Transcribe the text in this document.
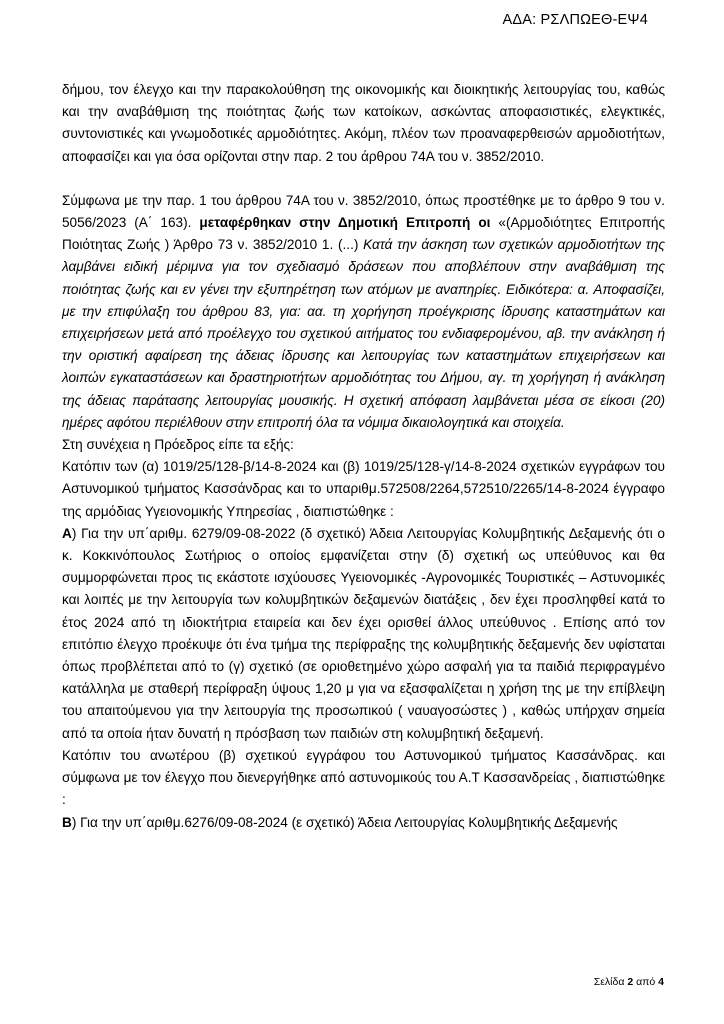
ΑΔΑ: ΡΣΛΠΩΕΘ-ΕΨ4

δήμου, τον έλεγχο και την παρακολούθηση της οικονομικής και διοικητικής λειτουργίας του, καθώς και την αναβάθμιση της ποιότητας ζωής των κατοίκων, ασκώντας αποφασιστικές, ελεγκτικές, συντονιστικές και γνωμοδοτικές αρμοδιότητες. Ακόμη, πλέον των προαναφερθεισών αρμοδιοτήτων, αποφασίζει και για όσα ορίζονται στην παρ. 2 του άρθρου 74Α του ν. 3852/2010.

Σύμφωνα με την παρ. 1 του άρθρου 74Α του ν. 3852/2010, όπως προστέθηκε με το άρθρο 9 του ν. 5056/2023 (Α΄ 163). μεταφέρθηκαν στην Δημοτική Επιτροπή οι «(Αρμοδιότητες Επιτροπής Ποιότητας Ζωής ) Άρθρο 73 ν. 3852/2010 1. (...) Κατά την άσκηση των σχετικών αρμοδιοτήτων της λαμβάνει ειδική μέριμνα για τον σχεδιασμό δράσεων που αποβλέπουν στην αναβάθμιση της ποιότητας ζωής και εν γένει την εξυπηρέτηση των ατόμων με αναπηρίες. Ειδικότερα: α. Αποφασίζει, με την επιφύλαξη του άρθρου 83, για: αα. τη χορήγηση προέγκρισης ίδρυσης καταστημάτων και επιχειρήσεων μετά από προέλεγχο του σχετικού αιτήματος του ενδιαφερομένου, αβ. την ανάκληση ή την οριστική αφαίρεση της άδειας ίδρυσης και λειτουργίας των καταστημάτων επιχειρήσεων και λοιπών εγκαταστάσεων και δραστηριοτήτων αρμοδιότητας του Δήμου, αγ. τη χορήγηση ή ανάκληση της άδειας παράτασης λειτουργίας μουσικής. Η σχετική απόφαση λαμβάνεται μέσα σε είκοσι (20) ημέρες αφότου περιέλθουν στην επιτροπή όλα τα νόμιμα δικαιολογητικά και στοιχεία.

Στη συνέχεια η Πρόεδρος είπε τα εξής:

Κατόπιν των (α) 1019/25/128-β/14-8-2024 και (β) 1019/25/128-γ/14-8-2024 σχετικών εγγράφων του Αστυνομικού τμήματος Κασσάνδρας και το υπαριθμ.572508/2264,572510/2265/14-8-2024 έγγραφο της αρμόδιας Υγειονομικής Υπηρεσίας , διαπιστώθηκε :

Α) Για την υπ΄αριθμ. 6279/09-08-2022 (δ σχετικό) Άδεια Λειτουργίας Κολυμβητικής Δεξαμενής ότι ο κ. Κοκκινόπουλος Σωτήριος ο οποίος εμφανίζεται στην (δ) σχετική ως υπεύθυνος και θα συμμορφώνεται προς τις εκάστοτε ισχύουσες Υγειονομικές -Αγρονομικές Τουριστικές – Αστυνομικές και λοιπές με την λειτουργία των κολυμβητικών δεξαμενών διατάξεις , δεν έχει προσληφθεί κατά το έτος 2024 από τη ιδιοκτήτρια εταιρεία και δεν έχει ορισθεί άλλος υπεύθυνος . Επίσης από τον επιτόπιο έλεγχο προέκυψε ότι ένα τμήμα της περίφραξης της κολυμβητικής δεξαμενής δεν υφίσταται όπως προβλέπεται από το (γ) σχετικό (σε οριοθετημένο χώρο ασφαλή για τα παιδιά περιφραγμένο κατάλληλα με σταθερή περίφραξη ύψους 1,20 μ για να εξασφαλίζεται η χρήση της με την επίβλεψη του απαιτούμενου για την λειτουργία της προσωπικού ( ναυαγοσώστες ) , καθώς υπήρχαν σημεία από τα οποία ήταν δυνατή η πρόσβαση των παιδιών στη κολυμβητική δεξαμενή.

Κατόπιν του ανωτέρου (β) σχετικού εγγράφου του Αστυνομικού τμήματος Κασσάνδρας. και σύμφωνα με τον έλεγχο που διενεργήθηκε από αστυνομικούς του Α.Τ Κασσανδρείας , διαπιστώθηκε :

Β) Για την υπ΄αριθμ.6276/09-08-2024 (ε σχετικό) Άδεια Λειτουργίας Κολυμβητικής Δεξαμενής

Σελίδα 2 από 4
